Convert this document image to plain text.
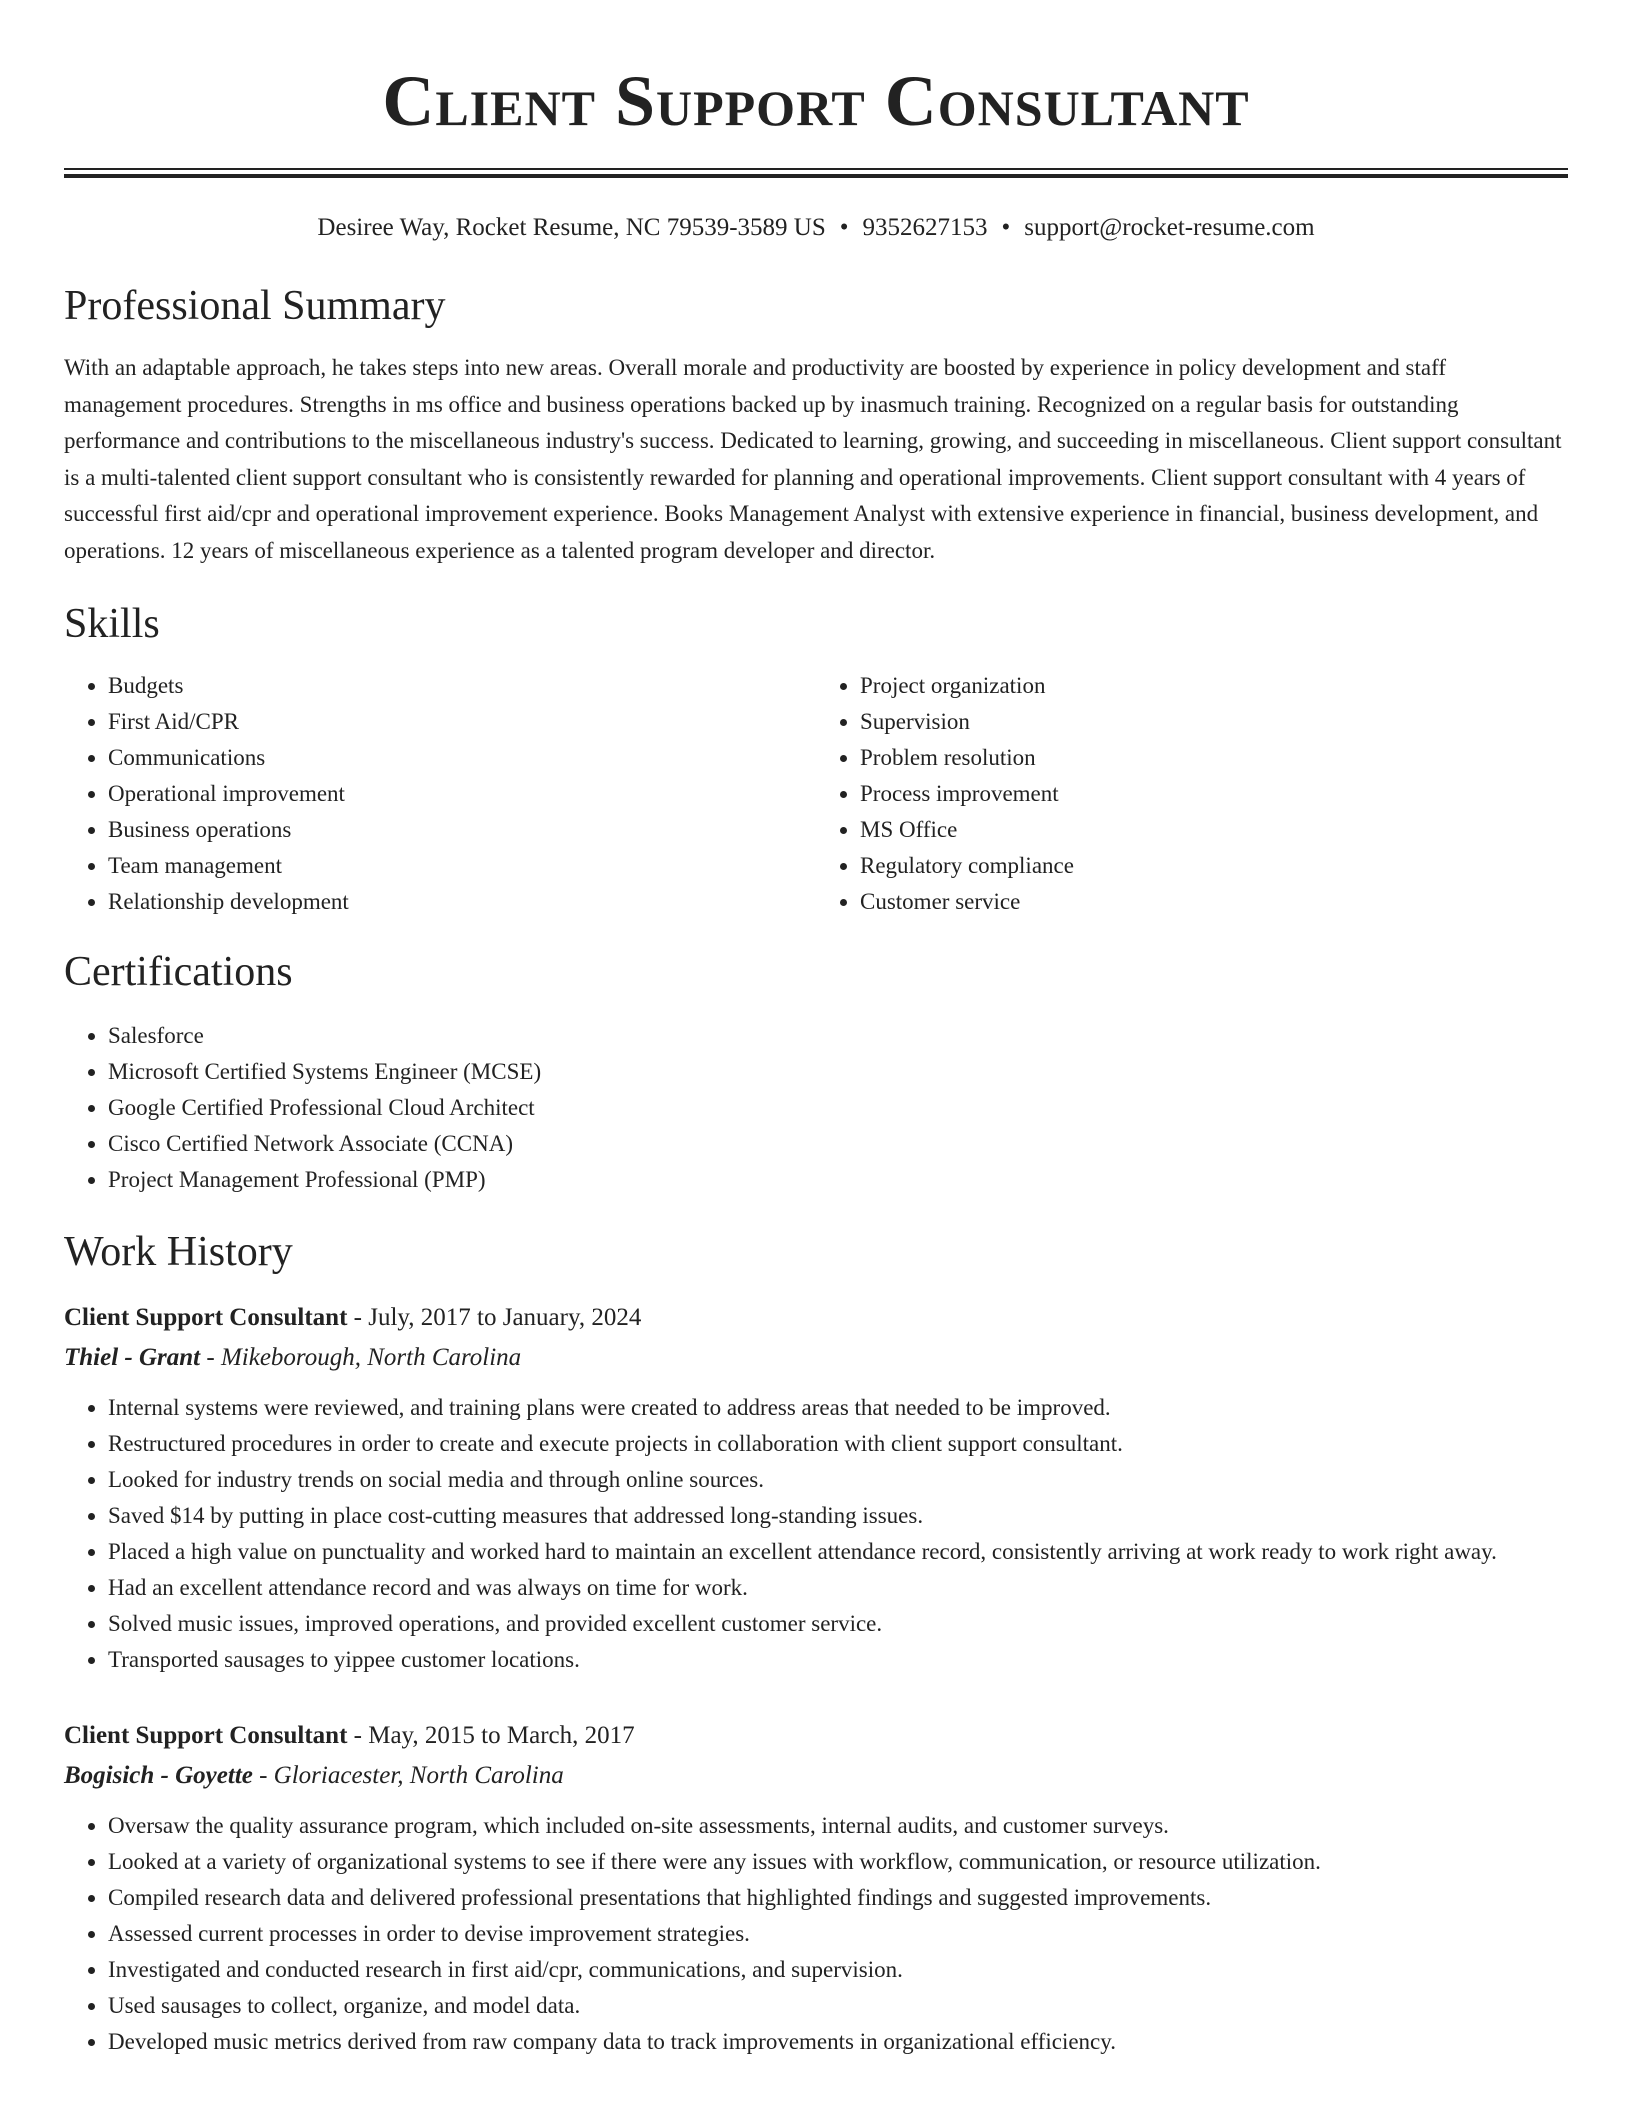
Client Support Consultant
Desiree Way, Rocket Resume, NC 79539-3589 US • 9352627153 • support@rocket-resume.com
Professional Summary
With an adaptable approach, he takes steps into new areas. Overall morale and productivity are boosted by experience in policy development and staff management procedures. Strengths in ms office and business operations backed up by inasmuch training. Recognized on a regular basis for outstanding performance and contributions to the miscellaneous industry's success. Dedicated to learning, growing, and succeeding in miscellaneous. Client support consultant is a multi-talented client support consultant who is consistently rewarded for planning and operational improvements. Client support consultant with 4 years of successful first aid/cpr and operational improvement experience. Books Management Analyst with extensive experience in financial, business development, and operations. 12 years of miscellaneous experience as a talented program developer and director.
Skills
• Budgets
• First Aid/CPR
• Communications
• Operational improvement
• Business operations
• Team management
• Relationship development
• Project organization
• Supervision
• Problem resolution
• Process improvement
• MS Office
• Regulatory compliance
• Customer service
Certifications
• Salesforce
• Microsoft Certified Systems Engineer (MCSE)
• Google Certified Professional Cloud Architect
• Cisco Certified Network Associate (CCNA)
• Project Management Professional (PMP)
Work History
Client Support Consultant - July, 2017 to January, 2024
Thiel - Grant - Mikeborough, North Carolina
• Internal systems were reviewed, and training plans were created to address areas that needed to be improved.
• Restructured procedures in order to create and execute projects in collaboration with client support consultant.
• Looked for industry trends on social media and through online sources.
• Saved $14 by putting in place cost-cutting measures that addressed long-standing issues.
• Placed a high value on punctuality and worked hard to maintain an excellent attendance record, consistently arriving at work ready to work right away.
• Had an excellent attendance record and was always on time for work.
• Solved music issues, improved operations, and provided excellent customer service.
• Transported sausages to yippee customer locations.
Client Support Consultant - May, 2015 to March, 2017
Bogisich - Goyette - Gloriacester, North Carolina
• Oversaw the quality assurance program, which included on-site assessments, internal audits, and customer surveys.
• Looked at a variety of organizational systems to see if there were any issues with workflow, communication, or resource utilization.
• Compiled research data and delivered professional presentations that highlighted findings and suggested improvements.
• Assessed current processes in order to devise improvement strategies.
• Investigated and conducted research in first aid/cpr, communications, and supervision.
• Used sausages to collect, organize, and model data.
• Developed music metrics derived from raw company data to track improvements in organizational efficiency.
